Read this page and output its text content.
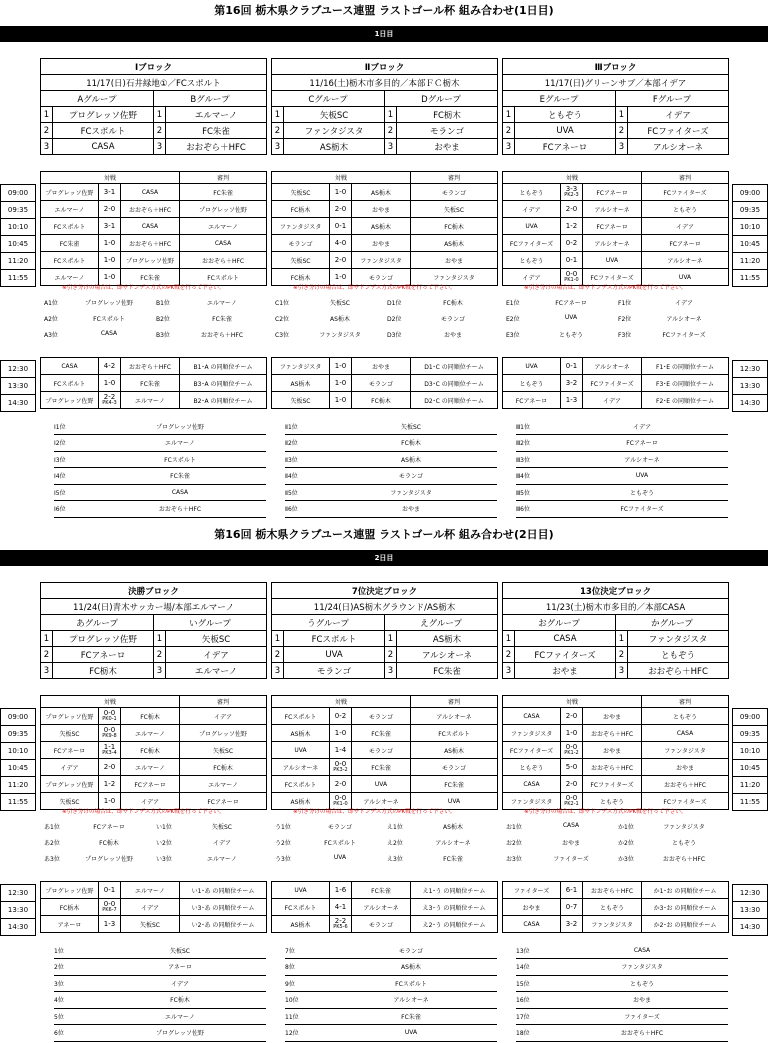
第16回 栃木県クラブユース連盟 ラストゴール杯 組み合わせ(1日目)
1日目
Ⅰブロック			
11/17(日)石井緑地①／FCスポルト			
Aグループ		Bグループ	
1	プログレッソ佐野	1	エルマーノ
2	FCスポルト	2	FC朱雀
3	CASA	3	おおぞら＋HFC
Ⅱブロック			
11/16(土)栃木市多目的／本部ＦＣ栃木			
Cグループ		Dグループ	
1	矢板SC	1	FC栃木
2	ファンタジスタ	2	モランゴ
3	AS栃木	3	おやま
Ⅲブロック			
11/17(日)グリーンサブ／本部イデア			
Eグループ		Fグループ	
1	ともぞう	1	イデア
2	UVA	2	FCファイターズ
3	FCアネーロ	3	アルシオーネ
09:00
09:35
10:10
10:45
11:20
11:55
09:00
09:35
10:10
10:45
11:20
11:55
12:30
13:30
14:30
12:30
13:30
14:30
対戦			審判
プログレッソ佐野	3-1	CASA	FC朱雀
エルマーノ	2-0	おおぞら＋HFC	プログレッソ佐野
FCスポルト	3-1	CASA	エルマーノ
FC朱雀	1-0	おおぞら＋HFC	CASA
FCスポルト	1-0	プログレッソ佐野	おおぞら＋HFC
エルマーノ	1-0	FC朱雀	FCスポルト
※引き分けの場合は、即サドンデス方式のPK戦を行って下さい。
対戦			審判
矢板SC	1-0	AS栃木	モランゴ
FC栃木	2-0	おやま	矢板SC
ファンタジスタ	0-1	AS栃木	FC栃木
モランゴ	4-0	おやま	AS栃木
矢板SC	2-0	ファンタジスタ	おやま
FC栃木	1-0	モランゴ	ファンタジスタ
※引き分けの場合は、即サドンデス方式のPK戦を行って下さい。
対戦			審判
ともぞう	3-3
PK2-3	FCアネーロ	FCファイターズ
イデア	2-0	アルシオーネ	ともぞう
UVA	1-2	FCアネーロ	イデア
FCファイターズ	0-2	アルシオーネ	FCアネーロ
ともぞう	0-1	UVA	アルシオーネ
イデア	0-0
PK1-0	FCファイターズ	UVA
※引き分けの場合は、即サドンデス方式のPK戦を行って下さい。
A1位	プログレッソ佐野	B1位	エルマーノ
A2位	FCスポルト	B2位	FC朱雀
A3位	CASA	B3位	おおぞら＋HFC
C1位	矢板SC	D1位	FC栃木
C2位	AS栃木	D2位	モランゴ
C3位	ファンタジスタ	D3位	おやま
E1位	FCアネーロ	F1位	イデア
E2位	UVA	F2位	アルシオーネ
E3位	ともぞう	F3位	FCファイターズ
CASA	4-2	おおぞら＋HFC	B1･A の同順位チーム
FCスポルト	1-0	FC朱雀	B3･A の同順位チーム
プログレッソ佐野	2-2
PK4-3	エルマーノ	B2･A の同順位チーム
ファンタジスタ	1-0	おやま	D1･C の同順位チーム
AS栃木	1-0	モランゴ	D3･C の同順位チーム
矢板SC	1-0	FC栃木	D2･C の同順位チーム
UVA	0-1	アルシオーネ	F1･E の同順位チーム
ともぞう	3-2	FCファイターズ	F3･E の同順位チーム
FCアネーロ	1-3	イデア	F2･E の同順位チーム
Ⅰ1位	プログレッソ佐野
Ⅰ2位	エルマーノ
Ⅰ3位	FCスポルト
Ⅰ4位	FC朱雀
Ⅰ5位	CASA
Ⅰ6位	おおぞら＋HFC
Ⅱ1位	矢板SC
Ⅱ2位	FC栃木
Ⅱ3位	AS栃木
Ⅱ4位	モランゴ
Ⅱ5位	ファンタジスタ
Ⅱ6位	おやま
Ⅲ1位	イデア
Ⅲ2位	FCアネーロ
Ⅲ3位	アルシオーネ
Ⅲ4位	UVA
Ⅲ5位	ともぞう
Ⅲ6位	FCファイターズ
第16回 栃木県クラブユース連盟 ラストゴール杯 組み合わせ(2日目)
2日目
決勝ブロック			
11/24(日)青木サッカー場/本部エルマーノ			
あグループ		いグループ	
1	プログレッソ佐野	1	矢板SC
2	FCアネーロ	2	イデア
3	FC栃木	3	エルマーノ
7位決定ブロック			
11/24(日)AS栃木グラウンド/AS栃木			
うグループ		えグループ	
1	FCスポルト	1	AS栃木
2	UVA	2	アルシオーネ
3	モランゴ	3	FC朱雀
13位決定ブロック			
11/23(土)栃木市多目的／本部CASA			
おグループ		かグループ	
1	CASA	1	ファンタジスタ
2	FCファイターズ	2	ともぞう
3	おやま	3	おおぞら＋HFC
09:00
09:35
10:10
10:45
11:20
11:55
09:00
09:35
10:10
10:45
11:20
11:55
12:30
13:30
14:30
12:30
13:30
14:30
対戦			審判
プログレッソ佐野	0-0
PK0-1	FC栃木	イデア
矢板SC	0-0
PK9-8	エルマーノ	プログレッソ佐野
FCアネーロ	1-1
PK3-4	FC栃木	矢板SC
イデア	2-0	エルマーノ	FC栃木
プログレッソ佐野	1-2	FCアネーロ	エルマーノ
矢板SC	1-0	イデア	FCアネーロ
※引き分けの場合は、即サドンデス方式のPK戦を行って下さい。
対戦			審判
FCスポルト	0-2	モランゴ	アルシオーネ
AS栃木	1-0	FC朱雀	FCスポルト
UVA	1-4	モランゴ	AS栃木
アルシオーネ	0-0
PK3-2	FC朱雀	モランゴ
FCスポルト	2-0	UVA	FC朱雀
AS栃木	0-0
PK1-0	アルシオーネ	UVA
※引き分けの場合は、即サドンデス方式のPK戦を行って下さい。
対戦			審判
CASA	2-0	おやま	ともぞう
ファンタジスタ	1-0	おおぞら＋HFC	CASA
FCファイターズ	0-0
PK1-2	おやま	ファンタジスタ
ともぞう	5-0	おおぞら＋HFC	おやま
CASA	2-0	FCファイターズ	おおぞら＋HFC
ファンタジスタ	0-0
PK2-1	ともぞう	FCファイターズ
※引き分けの場合は、即サドンデス方式のPK戦を行って下さい。
あ1位	FCアネーロ	い1位	矢板SC
あ2位	FC栃木	い2位	イデア
あ3位	プログレッソ佐野	い3位	エルマーノ
う1位	モランゴ	え1位	AS栃木
う2位	FCスポルト	え2位	アルシオーネ
う3位	UVA	え3位	FC朱雀
お1位	CASA	か1位	ファンタジスタ
お2位	おやま	か2位	ともぞう
お3位	ファイターズ	か3位	おおぞら＋HFC
プログレッソ佐野	0-1	エルマーノ	い1･あ の同順位チーム
FC栃木	0-0
PK6-7	イデア	い3･あ の同順位チーム
アネーロ	1-3	矢板SC	い2･あ の同順位チーム
UVA	1-6	FC朱雀	え1･う の同順位チーム
FCスポルト	4-1	アルシオーネ	え3･う の同順位チーム
AS栃木	2-2
PK5-6	モランゴ	え2･う の同順位チーム
ファイターズ	6-1	おおぞら＋HFC	か1･お の同順位チーム
おやま	0-7	ともぞう	か3･お の同順位チーム
CASA	3-2	ファンタジスタ	か2･お の同順位チーム
1位	矢板SC
2位	アネーロ
3位	イデア
4位	FC栃木
5位	エルマーノ
6位	プログレッソ佐野
7位	モランゴ
8位	AS栃木
9位	FCスポルト
10位	アルシオーネ
11位	FC朱雀
12位	UVA
13位	CASA
14位	ファンタジスタ
15位	ともぞう
16位	おやま
17位	ファイターズ
18位	おおぞら＋HFC
